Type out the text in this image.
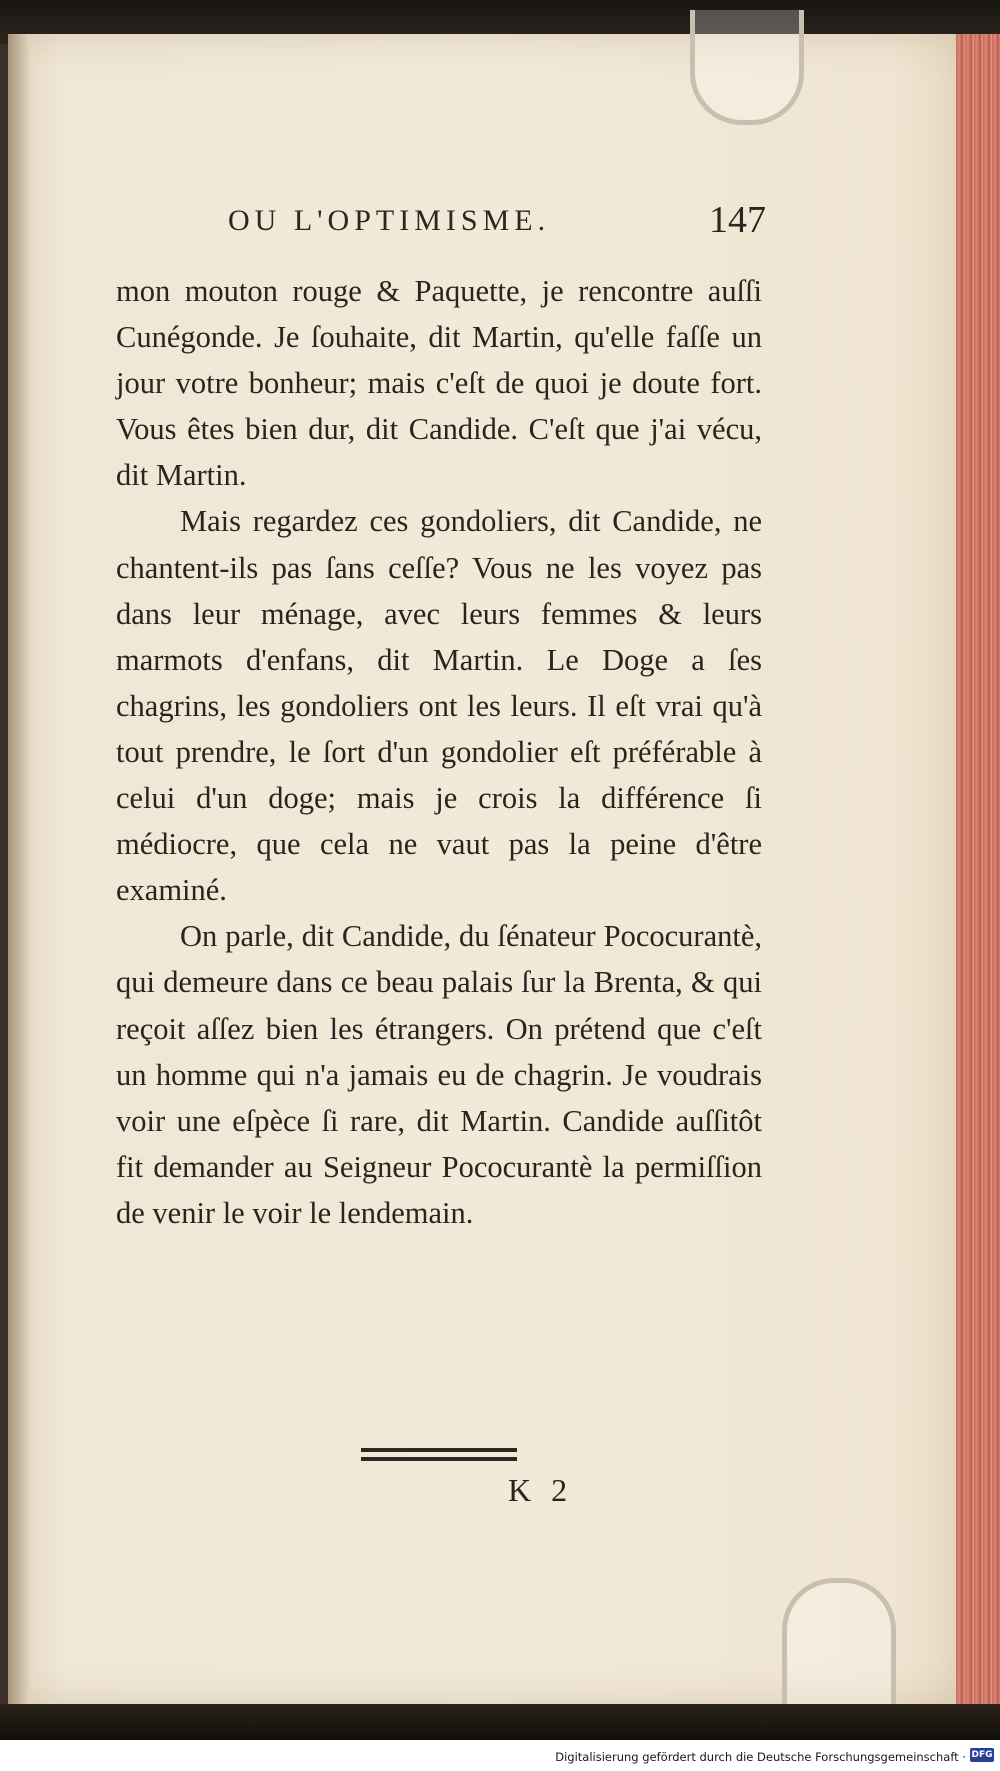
OU L'OPTIMISME.	147

mon mouton rouge & Paquette, je rencontre auſſi Cunégonde. Je ſouhaite, dit Martin, qu'elle faſſe un jour votre bonheur; mais c'eſt de quoi je doute fort. Vous êtes bien dur, dit Candide. C'eſt que j'ai vécu, dit Martin.

Mais regardez ces gondoliers, dit Candide, ne chantent-ils pas ſans ceſſe? Vous ne les voyez pas dans leur ménage, avec leurs femmes & leurs marmots d'enfans, dit Martin. Le Doge a ſes chagrins, les gondoliers ont les leurs. Il eſt vrai qu'à tout prendre, le ſort d'un gondolier eſt préférable à celui d'un doge; mais je crois la différence ſi médiocre, que cela ne vaut pas la peine d'être examiné.

On parle, dit Candide, du ſénateur Pococurantè, qui demeure dans ce beau palais ſur la Brenta, & qui reçoit aſſez bien les étrangers. On prétend que c'eſt un homme qui n'a jamais eu de chagrin. Je voudrais voir une eſpèce ſi rare, dit Martin. Candide auſſitôt fit demander au Seigneur Pococurantè la permiſſion de venir le voir le lendemain.

K 2
Digitalisierung gefördert durch die Deutsche Forschungsgemeinschaft · DFG
